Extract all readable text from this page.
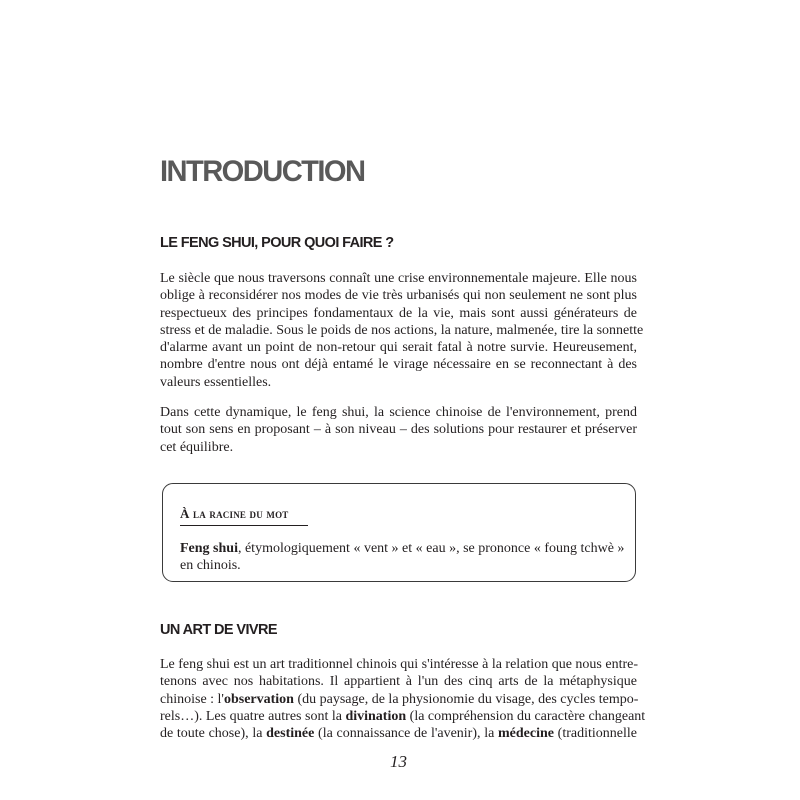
INTRODUCTION
LE FENG SHUI, POUR QUOI FAIRE ?
Le siècle que nous traversons connaît une crise environnementale majeure. Elle nous
oblige à reconsidérer nos modes de vie très urbanisés qui non seulement ne sont plus
respectueux des principes fondamentaux de la vie, mais sont aussi générateurs de
stress et de maladie. Sous le poids de nos actions, la nature, malmenée, tire la sonnette
d'alarme avant un point de non-retour qui serait fatal à notre survie. Heureusement,
nombre d'entre nous ont déjà entamé le virage nécessaire en se reconnectant à des
valeurs essentielles.
Dans cette dynamique, le feng shui, la science chinoise de l'environnement, prend
tout son sens en proposant – à son niveau – des solutions pour restaurer et préserver
cet équilibre.
À la racine du mot
Feng shui, étymologiquement « vent » et « eau », se prononce « foung tchwè »
en chinois.
UN ART DE VIVRE
Le feng shui est un art traditionnel chinois qui s'intéresse à la relation que nous entre-
tenons avec nos habitations. Il appartient à l'un des cinq arts de la métaphysique
chinoise : l'observation (du paysage, de la physionomie du visage, des cycles tempo-
rels…). Les quatre autres sont la divination (la compréhension du caractère changeant
de toute chose), la destinée (la connaissance de l'avenir), la médecine (traditionnelle
13
